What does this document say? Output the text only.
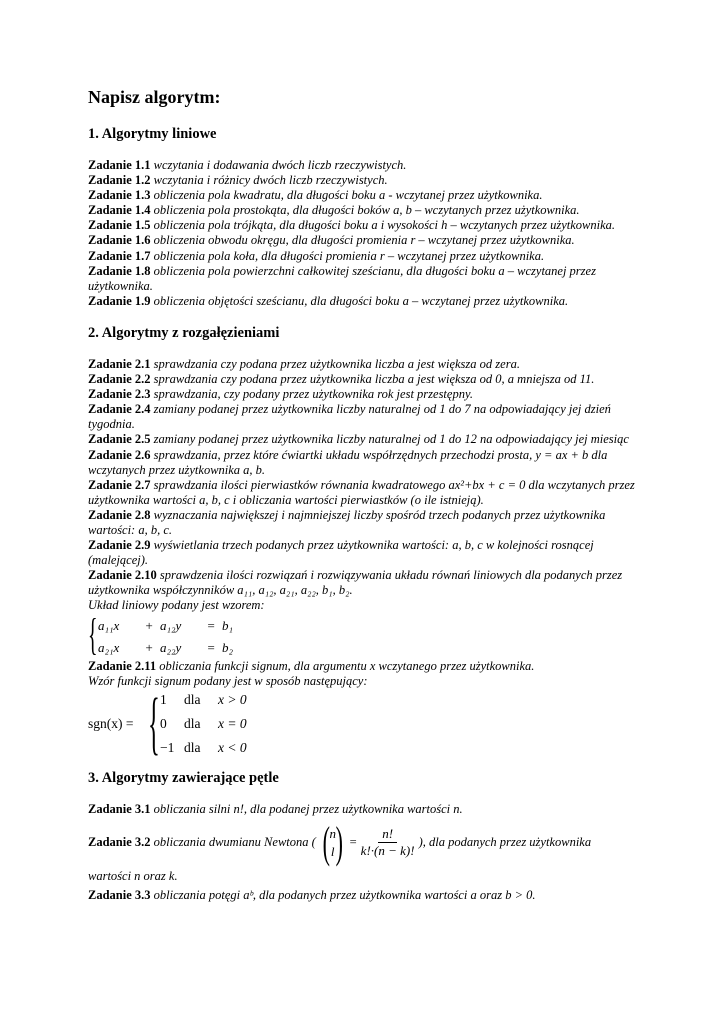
Napisz algorytm:
1. Algorytmy liniowe

Zadanie 1.1 wczytania i dodawania dwóch liczb rzeczywistych.

Zadanie 1.2 wczytania i różnicy dwóch liczb rzeczywistych.

Zadanie 1.3 obliczenia pola kwadratu, dla długości boku a - wczytanej przez użytkownika.

Zadanie 1.4 obliczenia pola prostokąta, dla długości boków a, b – wczytanych przez użytkownika.

Zadanie 1.5 obliczenia pola trójkąta, dla długości boku a i wysokości h – wczytanych przez użytkownika.

Zadanie 1.6 obliczenia obwodu okręgu, dla długości promienia r – wczytanej przez użytkownika.

Zadanie 1.7 obliczenia pola koła, dla długości promienia r – wczytanej przez użytkownika.

Zadanie 1.8 obliczenia pola powierzchni całkowitej sześcianu, dla długości boku a – wczytanej przez użytkownika.

Zadanie 1.9 obliczenia objętości sześcianu, dla długości boku a – wczytanej przez użytkownika.

2. Algorytmy z rozgałęzieniami

Zadanie 2.1 sprawdzania czy podana przez użytkownika liczba a jest większa od zera.

Zadanie 2.2 sprawdzania czy podana przez użytkownika liczba a jest większa od 0, a mniejsza od 11.

Zadanie 2.3 sprawdzania, czy podany przez użytkownika rok jest przestępny.

Zadanie 2.4 zamiany podanej przez użytkownika liczby naturalnej od 1 do 7 na odpowiadający jej dzień tygodnia.

Zadanie 2.5 zamiany podanej przez użytkownika liczby naturalnej od 1 do 12 na odpowiadający jej miesiąc

Zadanie 2.6 sprawdzania, przez które ćwiartki układu współrzędnych przechodzi prosta, y = ax + b dla wczytanych przez użytkownika a, b.

Zadanie 2.7 sprawdzania ilości pierwiastków równania kwadratowego ax²+bx + c = 0 dla wczytanych przez użytkownika wartości a, b, c i obliczania wartości pierwiastków (o ile istnieją).

Zadanie 2.8 wyznaczania największej i najmniejszej liczby spośród trzech podanych przez użytkownika wartości: a, b, c.

Zadanie 2.9 wyświetlania trzech podanych przez użytkownika wartości: a, b, c w kolejności rosnącej (malejącej).

Zadanie 2.10 sprawdzenia ilości rozwiązań i rozwiązywania układu równań liniowych dla podanych przez użytkownika współczynników a₁₁, a₁₂, a₂₁, a₂₂, b₁, b₂.

Układ liniowy podany jest wzorem:

{ a₁₁x	+ a₁₂y	= b₁
a₂₁x	+ a₂₂y	= b₂

Zadanie 2.11 obliczania funkcji signum, dla argumentu x wczytanego przez użytkownika.

Wzór funkcji signum podany jest w sposób następujący:

sgn(x) = { 1 dla x > 0
0 dla x = 0
−1 dla x < 0
3. Algorytmy zawierające pętle

Zadanie 3.1 obliczania silni n!, dla podanej przez użytkownika wartości n.

Zadanie 3.2
obliczania dwumianu Newtona ( ( n
l ) = $\frac{n!}{k!\cdot(n - k)!}$ ), dla podanych przez użytkownika

wartości n oraz k.

Zadanie 3.3 obliczania potęgi aᵇ, dla podanych przez użytkownika wartości a oraz b > 0.
